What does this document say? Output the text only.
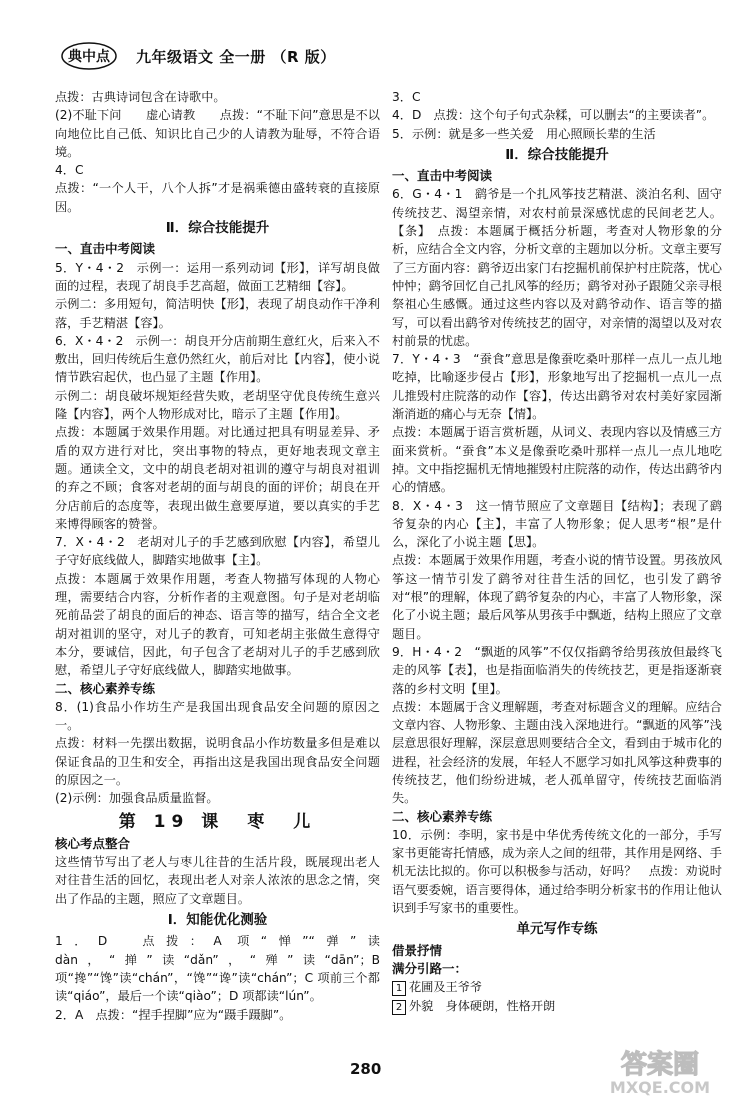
典中点 九年级语文 全一册 （R 版）

点拨：古典诗词包含在诗歌中。

(2)不耻下问　　虚心请教　　点拨：“不耻下问”意思是不以向地位比自己低、知识比自己少的人请教为耻辱，不符合语境。

4．C

点拨：“一个人干，八个人拆”才是祸乘德由盛转衰的直接原因。

Ⅱ．综合技能提升

一、直击中考阅读

5．Y・4・2　示例一：运用一系列动词【形】，详写胡良做面的过程，表现了胡良手艺高超，做面工艺精细【容】。

示例二：多用短句，简洁明快【形】，表现了胡良动作干净利落，手艺精湛【容】。

6．X・4・2　示例一：胡良开分店前期生意红火，后来入不敷出，回归传统后生意仍然红火，前后对比【内容】，使小说情节跌宕起伏，也凸显了主题【作用】。

示例二：胡良破坏规矩经营失败，老胡坚守优良传统生意兴隆【内容】，两个人物形成对比，暗示了主题【作用】。

点拨：本题属于效果作用题。对比通过把具有明显差异、矛盾的双方进行对比，突出事物的特点，更好地表现文章主题。通读全文，文中的胡良老胡对祖训的遵守与胡良对祖训的弃之不顾；食客对老胡的面与胡良的面的评价；胡良在开分店前后的态度等，表现出做生意要厚道，要以真实的手艺来博得顾客的赞誉。

7．X・4・2　老胡对儿子的手艺感到欣慰【内容】，希望儿子守好底线做人，脚踏实地做事【主】。

点拨：本题属于效果作用题，考查人物描写体现的人物心理，需要结合内容，分析作者的主观意图。句子是对老胡临死前品尝了胡良的面后的神态、语言等的描写，结合全文老胡对祖训的坚守，对儿子的教育，可知老胡主张做生意得守本分，要诚信，因此，句子包含了老胡对儿子的手艺感到欣慰，希望儿子守好底线做人，脚踏实地做事。

二、核心素养专练

8．(1)食品小作坊生产是我国出现食品安全问题的原因之一。

点拨：材料一先摆出数据，说明食品小作坊数量多但是难以保证食品的卫生和安全，再指出这是我国出现食品安全问题的原因之一。

(2)示例：加强食品质量监督。

第 19 课　枣　儿

核心考点整合

这些情节写出了老人与枣儿往昔的生活片段，既展现出老人对往昔生活的回忆，表现出老人对亲人浓浓的思念之情，突出了作品的主题，照应了文章题目。

Ⅰ．知能优化测验

1．D　点拨：A 项“惮”“弹”读 dàn，“掸”读“dǎn”，“殚”读“dān”；B 项“搀”“馋”读“chán”，“馋”“谗”读“chán”；C 项前三个都读“qiáo”，最后一个读“qiào”；D 项都读“lún”。

2．A　点拨：“捏手捏脚”应为“蹑手蹑脚”。

3．C

4．D　点拨：这个句子句式杂糅，可以删去“的主要读者”。

5．示例：就是多一些关爱　用心照顾长辈的生活

Ⅱ．综合技能提升

一、直击中考阅读

6．G・4・1　鹞爷是一个扎风筝技艺精湛、淡泊名利、固守传统技艺、渴望亲情，对农村前景深感忧虑的民间老艺人。【条】　点拨：本题属于概括分析题，考查对人物形象的分析，应结合全文内容，分析文章的主题加以分析。文章主要写了三方面内容：鹞爷迈出家门右挖掘机前保护村庄院落，忧心忡忡；鹞爷回忆自己扎风筝的经历；鹞爷对孙子跟随父亲寻根祭祖心生感慨。通过这些内容以及对鹞爷动作、语言等的描写，可以看出鹞爷对传统技艺的固守，对亲情的渴望以及对农村前景的忧虑。

7．Y・4・3　“蚕食”意思是像蚕吃桑叶那样一点儿一点儿地吃掉，比喻逐步侵占【形】，形象地写出了挖掘机一点儿一点儿推毁村庄院落的动作【容】，传达出鹞爷对农村美好家园渐渐消逝的痛心与无奈【情】。

点拨：本题属于语言赏析题，从词义、表现内容以及情感三方面来赏析。“蚕食”本义是像蚕吃桑叶那样一点儿一点儿地吃掉。文中指挖掘机无情地摧毁村庄院落的动作，传达出鹞爷内心的情感。

8．X・4・3　这一情节照应了文章题目【结构】；表现了鹞爷复杂的内心【主】，丰富了人物形象；促人思考“根”是什么，深化了小说主题【思】。

点拨：本题属于效果作用题，考查小说的情节设置。男孩放风筝这一情节引发了鹞爷对往昔生活的回忆，也引发了鹞爷对“根”的理解，体现了鹞爷复杂的内心，丰富了人物形象，深化了小说主题；最后风筝从男孩手中飘逝，结构上照应了文章题目。

9．H・4・2　“飘逝的风筝”不仅仅指鹞爷给男孩放但最终飞走的风筝【表】，也是指面临消失的传统技艺，更是指逐渐衰落的乡村文明【里】。

点拨：本题属于含义理解题，考查对标题含义的理解。应结合文章内容、人物形象、主题由浅入深地进行。“飘逝的风筝”浅层意思很好理解，深层意思则要结合全文，看到由于城市化的进程，社会经济的发展，年轻人不愿学习如扎风筝这种费事的传统技艺，他们纷纷进城，老人孤单留守，传统技艺面临消失。

二、核心素养专练

10．示例：李明，家书是中华优秀传统文化的一部分，手写家书更能寄托情感，成为亲人之间的纽带，其作用是网络、手机无法比拟的。你可以积极参与活动，好吗？　点拨：劝说时语气要委婉，语言要得体，通过给李明分析家书的作用让他认识到手写家书的重要性。

单元写作专练

借景抒情

满分引路一：

1 花圃及王爷爷

2 外貌　身体硬朗，性格开朗

280	答案圈
MXQE.COM
